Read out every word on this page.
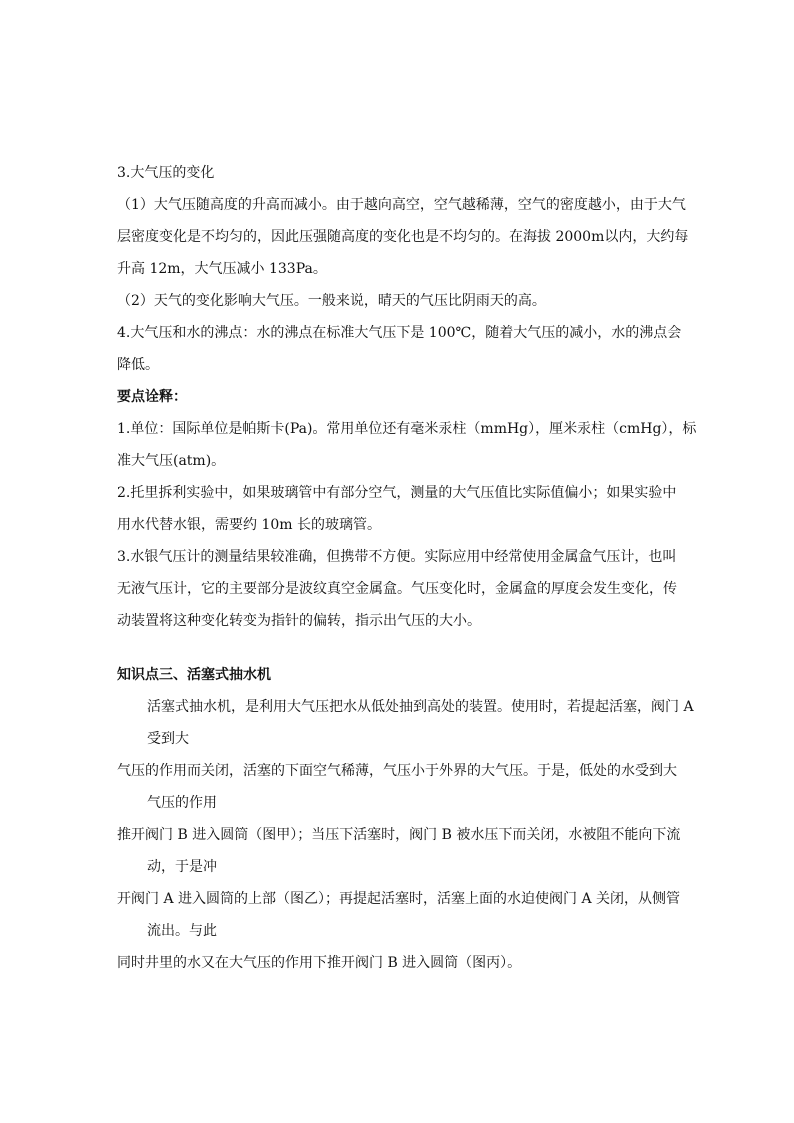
3.大气压的变化
（1）大气压随高度的升高而减小。由于越向高空，空气越稀薄，空气的密度越小，由于大气
层密度变化是不均匀的，因此压强随高度的变化也是不均匀的。在海拔 2000m以内，大约每
升高 12m，大气压减小 133Pa。
（2）天气的变化影响大气压。一般来说，晴天的气压比阴雨天的高。
4.大气压和水的沸点：水的沸点在标准大气压下是 100℃，随着大气压的减小，水的沸点会
降低。
要点诠释：
1.单位：国际单位是帕斯卡(Pa)。常用单位还有毫米汞柱（mmHg），厘米汞柱（cmHg），标
准大气压(atm)。
2.托里拆利实验中，如果玻璃管中有部分空气，测量的大气压值比实际值偏小；如果实验中
用水代替水银，需要约 10m 长的玻璃管。
3.水银气压计的测量结果较准确，但携带不方便。实际应用中经常使用金属盒气压计，也叫
无液气压计，它的主要部分是波纹真空金属盒。气压变化时，金属盒的厚度会发生变化，传
动装置将这种变化转变为指针的偏转，指示出气压的大小。
知识点三、活塞式抽水机
活塞式抽水机，是利用大气压把水从低处抽到高处的装置。使用时，若提起活塞，阀门 A
受到大
气压的作用而关闭，活塞的下面空气稀薄，气压小于外界的大气压。于是，低处的水受到大
气压的作用
推开阀门 B 进入圆筒（图甲）；当压下活塞时，阀门 B 被水压下而关闭，水被阻不能向下流
动，于是冲
开阀门 A 进入圆筒的上部（图乙）；再提起活塞时，活塞上面的水迫使阀门 A 关闭，从侧管
流出。与此
同时井里的水又在大气压的作用下推开阀门 B 进入圆筒（图丙）。
